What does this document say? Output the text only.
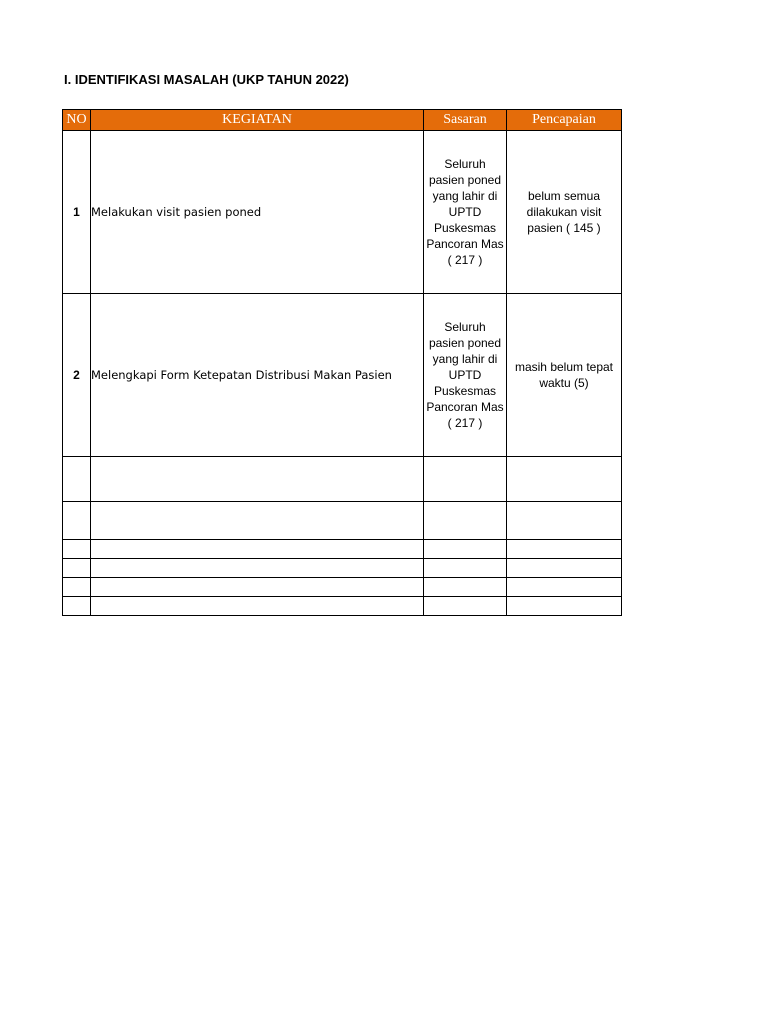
I. IDENTIFIKASI MASALAH (UKP TAHUN 2022)
NO	KEGIATAN	Sasaran	Pencapaian
1	Melakukan visit pasien poned	Seluruh pasien poned yang lahir di UPTD Puskesmas Pancoran Mas ( 217 )	belum semua dilakukan visit pasien ( 145 )
2	Melengkapi Form Ketepatan Distribusi Makan Pasien	Seluruh pasien poned yang lahir di UPTD Puskesmas Pancoran Mas ( 217 )	masih belum tepat waktu (5)
